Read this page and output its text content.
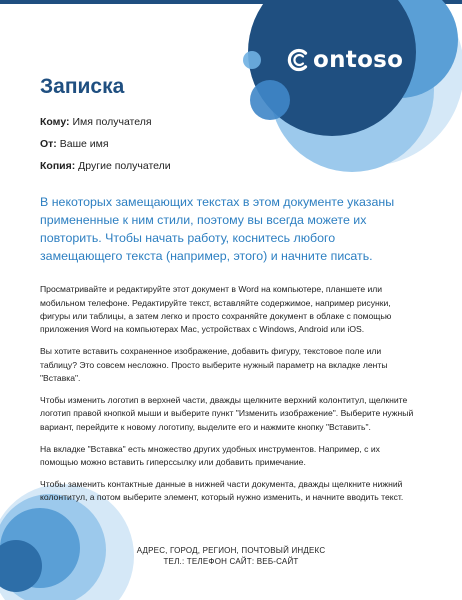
ontoso
Записка
Кому: Имя получателя
От: Ваше имя
Копия: Другие получатели

В некоторых замещающих текстах в этом документе указаны примененные к ним стили, поэтому вы всегда можете их повторить. Чтобы начать работу, коснитесь любого замещающего текста (например, этого) и начните писать.

Просматривайте и редактируйте этот документ в Word на компьютере, планшете или мобильном телефоне. Редактируйте текст, вставляйте содержимое, например рисунки, фигуры или таблицы, а затем легко и просто сохраняйте документ в облаке с помощью приложения Word на компьютерах Mac, устройствах с Windows, Android или iOS.

Вы хотите вставить сохраненное изображение, добавить фигуру, текстовое поле или таблицу? Это совсем несложно. Просто выберите нужный параметр на вкладке ленты "Вставка".

Чтобы изменить логотип в верхней части, дважды щелкните верхний колонтитул, щелкните логотип правой кнопкой мыши и выберите пункт "Изменить изображение". Выберите нужный вариант, перейдите к новому логотипу, выделите его и нажмите кнопку "Вставить".

На вкладке "Вставка" есть множество других удобных инструментов. Например, с их помощью можно вставить гиперссылку или добавить примечание.

Чтобы заменить контактные данные в нижней части документа, дважды щелкните нижний колонтитул, а потом выберите элемент, который нужно изменить, и начните вводить текст.

АДРЕС, ГОРОД, РЕГИОН, ПОЧТОВЫЙ ИНДЕКС
ТЕЛ.: ТЕЛЕФОН САЙТ: ВЕБ-САЙТ
